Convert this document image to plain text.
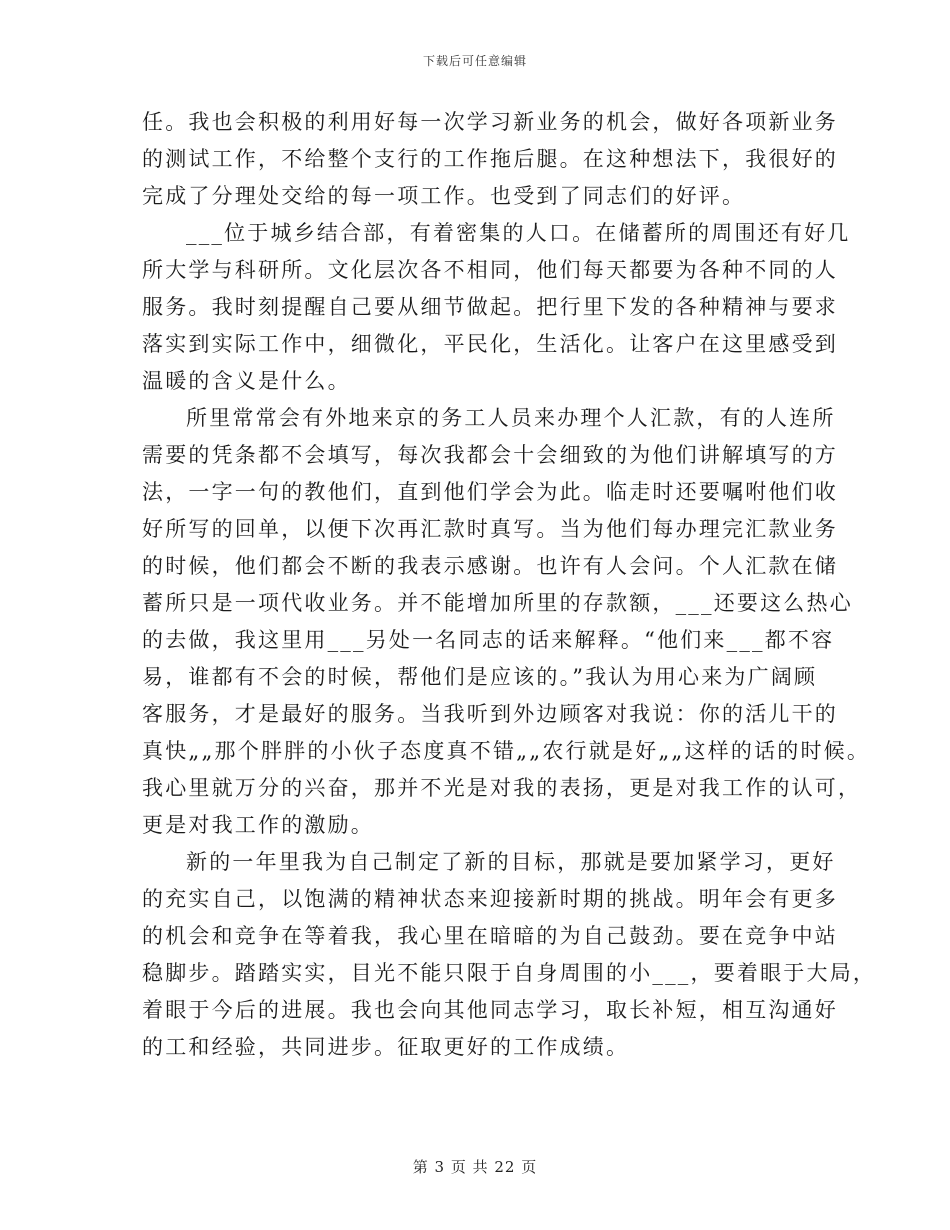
下载后可任意编辑
任。我也会积极的利用好每一次学习新业务的机会，做好各项新业务
的测试工作，不给整个支行的工作拖后腿。在这种想法下，我很好的
完成了分理处交给的每一项工作。也受到了同志们的好评。
___位于城乡结合部，有着密集的人口。在储蓄所的周围还有好几
所大学与科研所。文化层次各不相同，他们每天都要为各种不同的人
服务。我时刻提醒自己要从细节做起。把行里下发的各种精神与要求
落实到实际工作中，细微化，平民化，生活化。让客户在这里感受到
温暖的含义是什么。
所里常常会有外地来京的务工人员来办理个人汇款，有的人连所
需要的凭条都不会填写，每次我都会十会细致的为他们讲解填写的方
法，一字一句的教他们，直到他们学会为此。临走时还要嘱咐他们收
好所写的回单，以便下次再汇款时真写。当为他们每办理完汇款业务
的时候，他们都会不断的我表示感谢。也许有人会问。个人汇款在储
蓄所只是一项代收业务。并不能增加所里的存款额，___还要这么热心
的去做，我这里用___另处一名同志的话来解释。“他们来___都不容
易，谁都有不会的时候，帮他们是应该的。”我认为用心来为广阔顾
客服务，才是最好的服务。当我听到外边顾客对我说：你的活儿干的
真快„„那个胖胖的小伙子态度真不错„„农行就是好„„这样的话的时候。
我心里就万分的兴奋，那并不光是对我的表扬，更是对我工作的认可，
更是对我工作的激励。
新的一年里我为自己制定了新的目标，那就是要加紧学习，更好
的充实自己，以饱满的精神状态来迎接新时期的挑战。明年会有更多
的机会和竞争在等着我，我心里在暗暗的为自己鼓劲。要在竞争中站
稳脚步。踏踏实实，目光不能只限于自身周围的小___，要着眼于大局，
着眼于今后的进展。我也会向其他同志学习，取长补短，相互沟通好
的工和经验，共同进步。征取更好的工作成绩。
第 3 页 共 22 页
